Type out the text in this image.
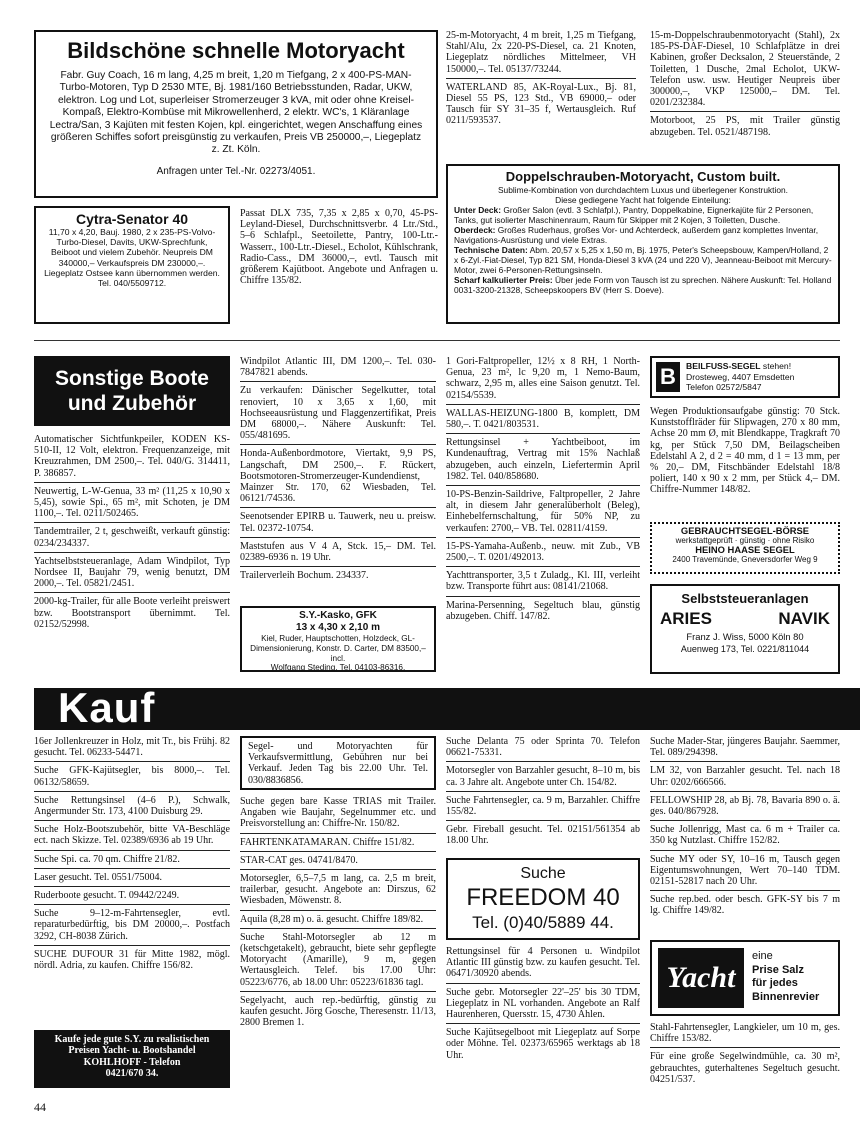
Bildschöne schnelle Motoryacht
Fabr. Guy Coach, 16 m lang, 4,25 m breit, 1,20 m Tiefgang, 2 x 400-PS-MAN-Turbo-Motoren, Typ D 2530 MTE, Bj. 1981/160 Betriebsstunden, Radar, UKW, elektron. Log und Lot, superleiser Stromerzeuger 3 kVA, mit oder ohne Kreisel-Kompaß, Elektro-Kombüse mit Mikrowellenherd, 2 elektr. WC's, 1 Kläranlage Lectra/San, 3 Kajüten mit festen Kojen, kpl. eingerichtet, wegen Anschaffung eines größeren Schiffes sofort preisgünstig zu verkaufen, Preis VB 250000,–, Liegeplatz z. Zt. Köln.
Anfragen unter Tel.-Nr. 02273/4051.
Cytra-Senator 40
11,70 x 4,20, Bauj. 1980, 2 x 235-PS-Volvo-Turbo-Diesel, Davits, UKW-Sprechfunk, Beiboot und vielem Zubehör. Neupreis DM 340000,– Verkaufspreis DM 230000,–. Liegeplatz Ostsee kann übernommen werden.
Tel. 040/5509712.

Passat DLX 735, 7,35 x 2,85 x 0,70, 45-PS-Leyland-Diesel, Durchschnittsverbr. 4 Ltr./Std., 5–6 Schlafpl., Seetoilette, Pantry, 100-Ltr.-Wasserr., 100-Ltr.-Diesel., Echolot, Kühlschrank, Radio-Cass., DM 36000,–, evtl. Tausch mit größerem Kajütboot. Angebote und Anfragen u. Chiffre 135/82.

25-m-Motoryacht, 4 m breit, 1,25 m Tiefgang, Stahl/Alu, 2x 220-PS-Diesel, ca. 21 Knoten, Liegeplatz nördliches Mittelmeer, VH 150000,–. Tel. 05137/73244.

WATERLAND 85, AK-Royal-Lux., Bj. 81, Diesel 55 PS, 123 Std., VB 69000,– oder Tausch für SY 31–35 f, Wertausgleich. Ruf 0211/593537.

15-m-Doppelschraubenmotoryacht (Stahl), 2x 185-PS-DAF-Diesel, 10 Schlafplätze in drei Kabinen, großer Decksalon, 2 Steuerstände, 2 Toiletten, 1 Dusche, 2mal Echolot, UKW-Telefon usw. usw. Heutiger Neupreis über 300000,–, VKP 125000,– DM. Tel. 0201/232384.

Motorboot, 25 PS, mit Trailer günstig abzugeben. Tel. 0521/487198.

Doppelschrauben-Motoryacht, Custom built.
Sublime-Kombination von durchdachtem Luxus und überlegener Konstruktion.
Diese gediegene Yacht hat folgende Einteilung:
Unter Deck: Großer Salon (evtl. 3 Schlafpl.), Pantry, Doppelkabine, Eignerkajüte für 2 Personen, Tanks, gut isolierter Maschinenraum, Raum für Skipper mit 2 Kojen, 3 Toiletten, Dusche.
Oberdeck: Großes Ruderhaus, großes Vor- und Achterdeck, außerdem ganz komplettes Inventar, Navigations-Ausrüstung und viele Extras.
Technische Daten: Abm. 20,57 x 5,25 x 1,50 m, Bj. 1975, Peter's Scheepsbouw, Kampen/Holland, 2 x 6-Zyl.-Fiat-Diesel, Typ 821 SM, Honda-Diesel 3 kVA (24 und 220 V), Jeanneau-Beiboot mit Mercury-Motor, zwei 6-Personen-Rettungsinseln.
Scharf kalkulierter Preis: Über jede Form von Tausch ist zu sprechen. Nähere Auskunft: Tel. Holland 0031-3200-21328, Scheepskoopers BV (Herr S. Doeve).
Sonstige Boote
und Zubehör

Automatischer Sichtfunkpeiler, KODEN KS-510-II, 12 Volt, elektron. Frequenzanzeige, mit Kreuzrahmen, DM 2500,–. Tel. 040/G. 314411, P. 386857.

Neuwertig, L-W-Genua, 33 m² (11,25 x 10,90 x 5,45), sowie Spi., 65 m², mit Schoten, je DM 1100,–. Tel. 0211/502465.

Tandemtrailer, 2 t, geschweißt, verkauft günstig: 0234/234337.

Yachtselbststeueranlage, Adam Windpilot, Typ Nordsee II, Baujahr 79, wenig benutzt, DM 2000,–. Tel. 05821/2451.

2000-kg-Trailer, für alle Boote verleiht preiswert bzw. Bootstransport übernimmt. Tel. 02152/52998.

Windpilot Atlantic III, DM 1200,–. Tel. 030-7847821 abends.

Zu verkaufen: Dänischer Segelkutter, total renoviert, 10 x 3,65 x 1,60, mit Hochseeausrüstung und Flaggenzertifikat, Preis DM 68000,–. Nähere Auskunft: Tel. 055/481695.

Honda-Außenbordmotore, Viertakt, 9,9 PS, Langschaft, DM 2500,–. F. Rückert, Bootsmotoren-Stromerzeuger-Kundendienst, Mainzer Str. 170, 62 Wiesbaden, Tel. 06121/74536.

Seenotsender EPIRB u. Tauwerk, neu u. preisw. Tel. 02372-10754.

Maststufen aus V 4 A, Stck. 15,– DM. Tel. 02389-6936 n. 19 Uhr.

Trailerverleih Bochum. 234337.

S.Y.-Kasko, GFK
13 x 4,30 x 2,10 m
Kiel, Ruder, Hauptschotten, Holzdeck, GL-Dimensionierung, Konstr. D. Carter, DM 83500,– incl.
Wolfgang Steding, Tel. 04103-86316.

1 Gori-Faltpropeller, 12½ x 8 RH, 1 North-Genua, 23 m², lc 9,20 m, 1 Nemo-Baum, schwarz, 2,95 m, alles eine Saison genutzt. Tel. 02154/5539.

WALLAS-HEIZUNG-1800 B, komplett, DM 580,–. T. 0421/803531.

Rettungsinsel + Yachtbeiboot, im Kundenauftrag, Vertrag mit 15% Nachlaß abzugeben, auch einzeln, Liefertermin April 1982. Tel. 040/858680.

10-PS-Benzin-Saildrive, Faltpropeller, 2 Jahre alt, in diesem Jahr generalüberholt (Beleg), Einhebelfernschaltung, für 50% NP, zu verkaufen: 2700,– VB. Tel. 02811/4159.

15-PS-Yamaha-Außenb., neuw. mit Zub., VB 2500,–. T. 0201/492013.

Yachttransporter, 3,5 t Zuladg., Kl. III, verleiht bzw. Transporte führt aus: 08141/21068.

Marina-Persenning, Segeltuch blau, günstig abzugeben. Chiff. 147/82.

B	BEILFUSS-SEGEL stehen!
Drosteweg, 4407 Emsdetten
Telefon 02572/5847

Wegen Produktionsaufgabe günstig: 70 Stck. Kunststofflräder für Slipwagen, 270 x 80 mm, Achse 20 mm Ø, mit Blendkappe, Tragkraft 70 kg, per Stück 7,50 DM, Beilagscheiben Edelstahl A 2, d 2 = 40 mm, d 1 = 13 mm, per % 20,– DM, Fitschbänder Edelstahl 18/8 poliert, 140 x 90 x 2 mm, per Stück 4,– DM. Chiffre-Nummer 148/82.

GEBRAUCHTSEGEL-BÖRSE
werkstattgeprüft · günstig · ohne Risiko
HEINO HAASE SEGEL
2400 Travemünde, Gneversdorfer Weg 9
Selbststeueranlagen
ARIES	NAVIK
Franz J. Wiss, 5000 Köln 80
Auenweg 173, Tel. 0221/811044
Kauf

16er Jollenkreuzer in Holz, mit Tr., bis Frühj. 82 gesucht. Tel. 06233-54471.

Suche GFK-Kajütsegler, bis 8000,–. Tel. 06132/58659.

Suche Rettungsinsel (4–6 P.), Schwalk, Angermunder Str. 173, 4100 Duisburg 29.

Suche Holz-Bootszubehör, bitte VA-Beschläge ect. nach Skizze. Tel. 02389/6936 ab 19 Uhr.

Suche Spi. ca. 70 qm. Chiffre 21/82.

Laser gesucht. Tel. 0551/75004.

Ruderboote gesucht. T. 09442/2249.

Suche 9–12-m-Fahrtensegler, evtl. reparaturbedürftig, bis DM 20000,–. Postfach 3292, CH-8038 Zürich.

SUCHE DUFOUR 31 für Mitte 1982, mögl. nördl. Adria, zu kaufen. Chiffre 156/82.

Kaufe jede gute S.Y. zu realistischen Preisen Yacht- u. Bootshandel KOHLHOFF - Telefon
0421/670 34.

Segel- und Motoryachten für Verkaufsvermittlung, Gebühren nur bei Verkauf. Jeden Tag bis 22.00 Uhr. Tel. 030/8836856.

Suche gegen bare Kasse TRIAS mit Trailer. Angaben wie Baujahr, Segelnummer etc. und Preisvorstellung an: Chiffre-Nr. 150/82.

FAHRTENKATAMARAN. Chiffre 151/82.

STAR-CAT ges. 04741/8470.

Motorsegler, 6,5–7,5 m lang, ca. 2,5 m breit, trailerbar, gesucht. Angebote an: Dirszus, 62 Wiesbaden, Möwenstr. 8.

Aquila (8,28 m) o. ä. gesucht. Chiffre 189/82.

Suche Stahl-Motorsegler ab 12 m (ketschgetakelt), gebraucht, biete sehr gepflegte Motoryacht (Amarille), 9 m, gegen Wertausgleich. Telef. bis 17.00 Uhr: 05223/6776, ab 18.00 Uhr: 05223/61836 tagl.

Segelyacht, auch rep.-bedürftig, günstig zu kaufen gesucht. Jörg Gosche, Theresenstr. 11/13, 2800 Bremen 1.

Suche Delanta 75 oder Sprinta 70. Telefon 06621-75331.

Motorsegler von Barzahler gesucht, 8–10 m, bis ca. 3 Jahre alt. Angebote unter Ch. 154/82.

Suche Fahrtensegler, ca. 9 m, Barzahler. Chiffre 155/82.

Gebr. Fireball gesucht. Tel. 02151/561354 ab 18.00 Uhr.

Suche
FREEDOM 40
Tel. (0)40/5889 44.

Rettungsinsel für 4 Personen u. Windpilot Atlantic III günstig bzw. zu kaufen gesucht. Tel. 06471/30920 abends.

Suche gebr. Motorsegler 22'–25' bis 30 TDM, Liegeplatz in NL vorhanden. Angebote an Ralf Haurenheren, Quersstr. 15, 4730 Ahlen.

Suche Kajütsegelboot mit Liegeplatz auf Sorpe oder Möhne. Tel. 02373/65965 werktags ab 18 Uhr.

Suche Mader-Star, jüngeres Baujahr. Saemmer, Tel. 089/294398.

LM 32, von Barzahler gesucht. Tel. nach 18 Uhr: 0202/666566.

FELLOWSHIP 28, ab Bj. 78, Bavaria 890 o. ä. ges. 040/867928.

Suche Jollenrigg, Mast ca. 6 m + Trailer ca. 350 kg Nutzlast. Chiffre 152/82.

Suche MY oder SY, 10–16 m, Tausch gegen Eigentumswohnungen, Wert 70–140 TDM. 02151-52817 nach 20 Uhr.

Suche rep.bed. oder besch. GFK-SY bis 7 m lg. Chiffre 149/82.

Yacht
eine
Prise Salz
für jedes
Binnenrevier

Stahl-Fahrtensegler, Langkieler, um 10 m, ges. Chiffre 153/82.

Für eine große Segelwindmühle, ca. 30 m², gebrauchtes, guterhaltenes Segeltuch gesucht. 04251/537.

44
